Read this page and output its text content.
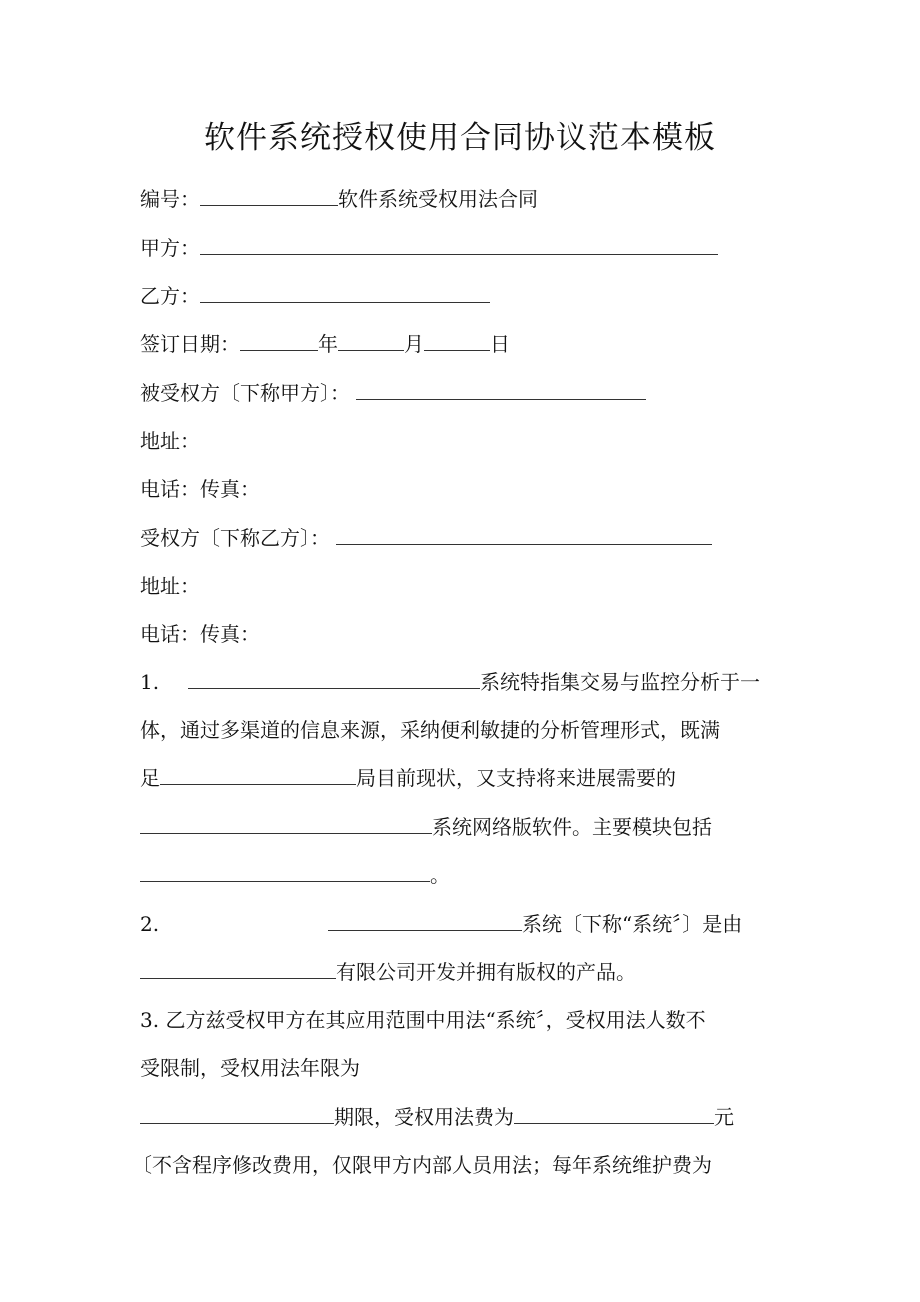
软件系统授权使用合同协议范本模板
编号：	软件系统受权用法合同
甲方：
乙方：
签订日期：	年	月	日
被受权方〔下称甲方〕：
地址：
电话：传真：
受权方〔下称乙方〕：
地址：
电话：传真：
1.	系统特指集交易与监控分析于一
体，通过多渠道的信息来源，采纳便利敏捷的分析管理形式，既满
足	局目前现状，又支持将来进展需要的
系统网络版软件。主要模块包括
。
2.	系统〔下称“系统〞〕是由
有限公司开发并拥有版权的产品。
3. 乙方兹受权甲方在其应用范围中用法“系统〞，受权用法人数不
受限制，受权用法年限为
期限，受权用法费为	元
〔不含程序修改费用，仅限甲方内部人员用法；每年系统维护费为
